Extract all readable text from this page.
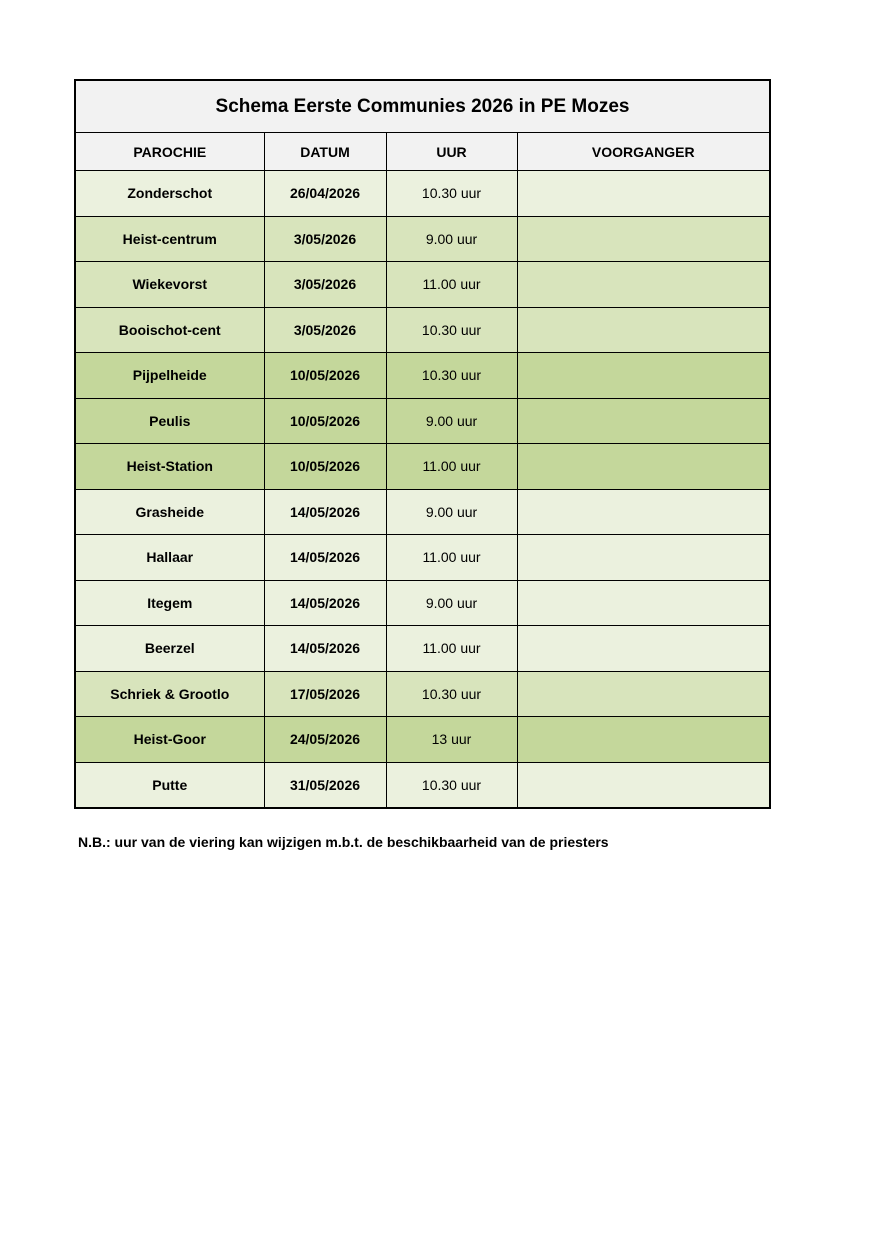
Schema Eerste Communies 2026 in PE Mozes			
PAROCHIE	DATUM	UUR	VOORGANGER
Zonderschot	26/04/2026	10.30 uur	
Heist-centrum	3/05/2026	9.00 uur	
Wiekevorst	3/05/2026	11.00 uur	
Booischot-cent	3/05/2026	10.30 uur	
Pijpelheide	10/05/2026	10.30 uur	
Peulis	10/05/2026	9.00 uur	
Heist-Station	10/05/2026	11.00 uur	
Grasheide	14/05/2026	9.00 uur	
Hallaar	14/05/2026	11.00 uur	
Itegem	14/05/2026	9.00 uur	
Beerzel	14/05/2026	11.00 uur	
Schriek & Grootlo	17/05/2026	10.30 uur	
Heist-Goor	24/05/2026	13 uur	
Putte	31/05/2026	10.30 uur	
N.B.: uur van de viering kan wijzigen m.b.t. de beschikbaarheid van de priesters
